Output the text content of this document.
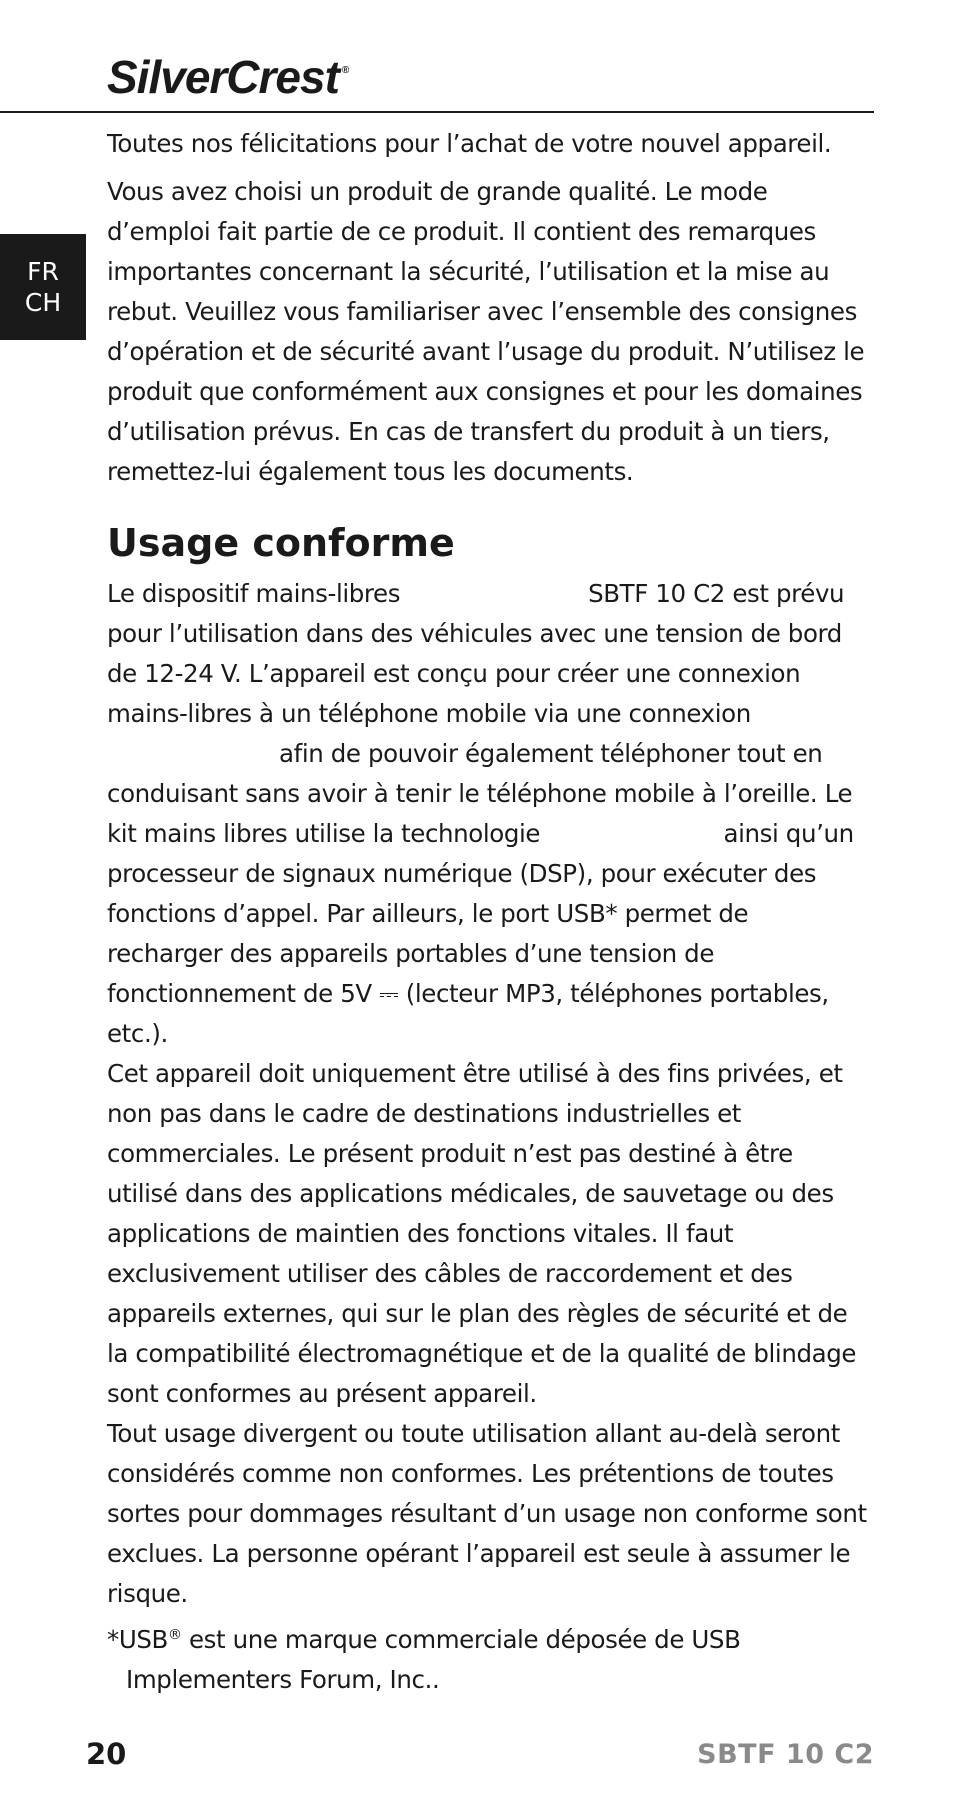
SilverCrest ®
FR
CH

Toutes nos félicitations pour l’achat de votre nouvel appareil.

Vous avez choisi un produit de grande qualité. Le mode d’emploi fait partie de ce produit. Il contient des remarques importantes concernant la sécurité, l’utilisation et la mise au rebut. Veuillez vous familiariser avec l’ensemble des consignes d’opération et de sécurité avant l’usage du produit. N’utilisez le produit que conformément aux consignes et pour les domaines d’utilisation prévus. En cas de transfert du produit à un tiers, remettez-lui également tous les documents.

Usage conforme

Le dispositif mains-libres	SBTF 10 C2 est prévu pour l’utilisation dans des véhicules avec une tension de bord de 12-24 V. L’appareil est conçu pour créer une connexion mains-libres à un téléphone mobile via une connexionafin de pouvoir également téléphoner tout en conduisant sans avoir à tenir le téléphone mobile à l’oreille. Le kit mains libres utilise la technologie	ainsi qu’un processeur de signaux numérique (DSP), pour exécuter des fonctions d’appel. Par ailleurs, le port USB* permet de recharger des appareils portables d’une tension de fonctionnement de 5V ⎓ (lecteur MP3, téléphones portables, etc.).

Cet appareil doit uniquement être utilisé à des fins privées, et non pas dans le cadre de destinations industrielles et commerciales. Le présent produit n’est pas destiné à être utilisé dans des applications médicales, de sauvetage ou des applications de maintien des fonctions vitales. Il faut exclusivement utiliser des câbles de raccordement et des appareils externes, qui sur le plan des règles de sécurité et de la compatibilité électromagnétique et de la qualité de blindage sont conformes au présent appareil.

Tout usage divergent ou toute utilisation allant au-delà seront considérés comme non conformes. Les prétentions de toutes sortes pour dommages résultant d’un usage non conforme sont exclues. La personne opérant l’appareil est seule à assumer le risque.

*USB® est une marque commerciale déposée de USB Implementers Forum, Inc..

20	SBTF 10 C2
